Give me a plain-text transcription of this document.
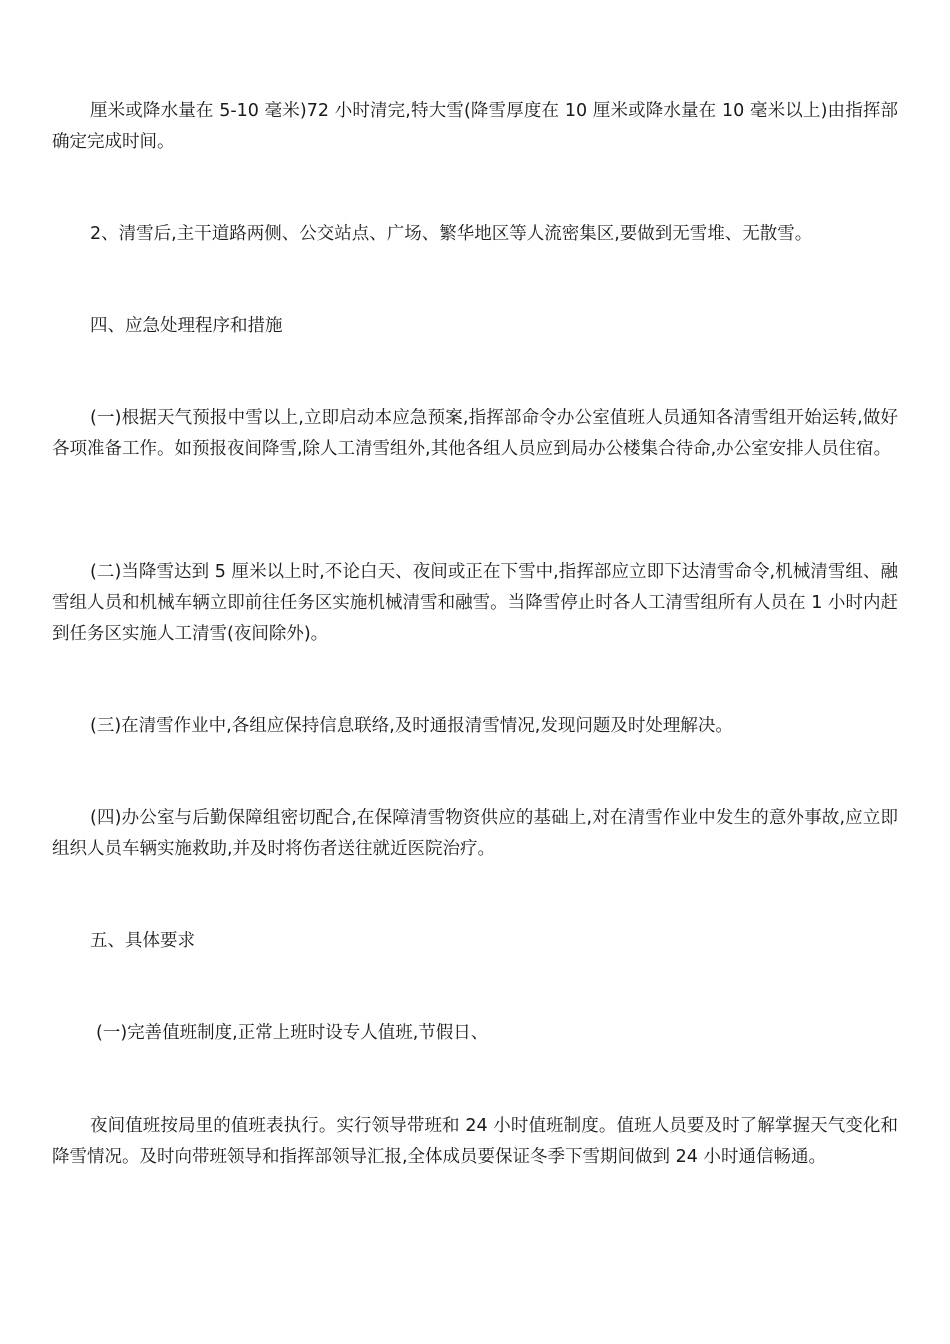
厘米或降水量在 5-10 毫米)72 小时清完,特大雪(降雪厚度在 10 厘米或降水量在 10 毫米以上)由指挥部确定完成时间。

2、清雪后,主干道路两侧、公交站点、广场、繁华地区等人流密集区,要做到无雪堆、无散雪。

四、应急处理程序和措施

(一)根据天气预报中雪以上,立即启动本应急预案,指挥部命令办公室值班人员通知各清雪组开始运转,做好各项准备工作。如预报夜间降雪,除人工清雪组外,其他各组人员应到局办公楼集合待命,办公室安排人员住宿。

(二)当降雪达到 5 厘米以上时,不论白天、夜间或正在下雪中,指挥部应立即下达清雪命令,机械清雪组、融雪组人员和机械车辆立即前往任务区实施机械清雪和融雪。当降雪停止时各人工清雪组所有人员在 1 小时内赶到任务区实施人工清雪(夜间除外)。

(三)在清雪作业中,各组应保持信息联络,及时通报清雪情况,发现问题及时处理解决。

(四)办公室与后勤保障组密切配合,在保障清雪物资供应的基础上,对在清雪作业中发生的意外事故,应立即组织人员车辆实施救助,并及时将伤者送往就近医院治疗。

五、具体要求

(一)完善值班制度,正常上班时设专人值班,节假日、

夜间值班按局里的值班表执行。实行领导带班和 24 小时值班制度。值班人员要及时了解掌握天气变化和降雪情况。及时向带班领导和指挥部领导汇报,全体成员要保证冬季下雪期间做到 24 小时通信畅通。
